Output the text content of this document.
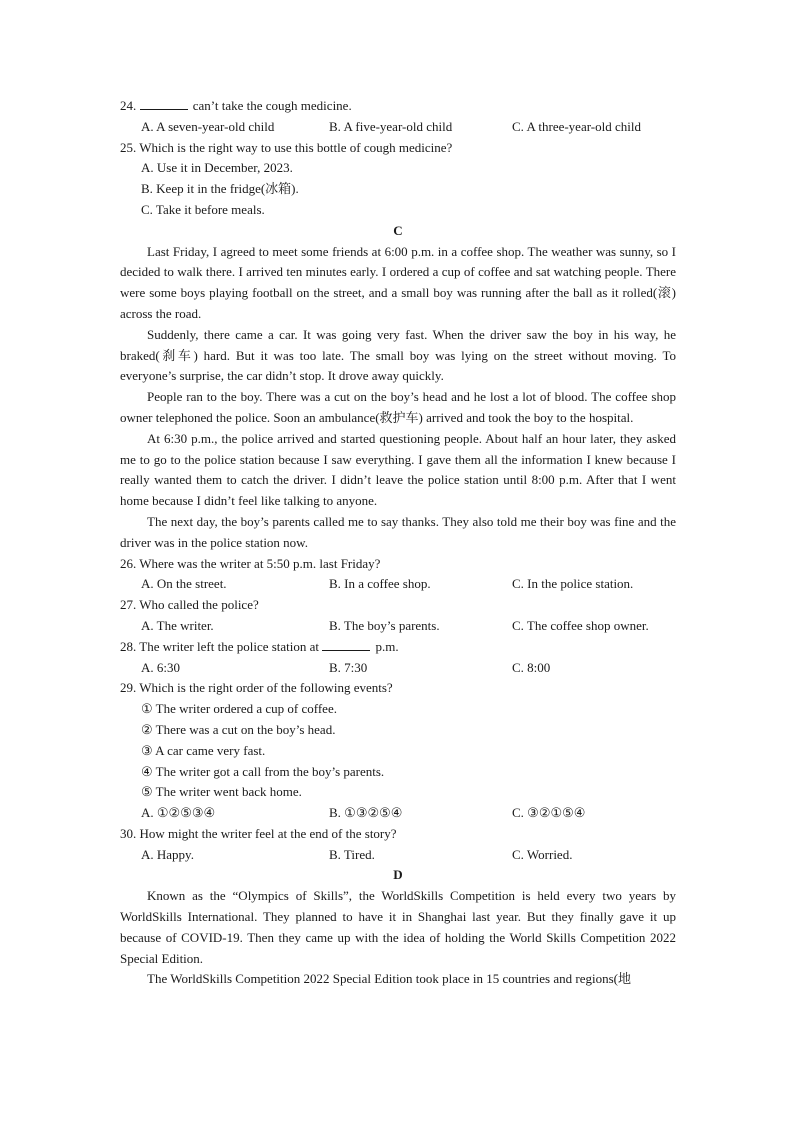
24.	can’t take the cough medicine.
A. A seven-year-old child	B. A five-year-old child	C. A three-year-old child
25. Which is the right way to use this bottle of cough medicine?
A. Use it in December, 2023.
B. Keep it in the fridge(冰箱).
C. Take it before meals.
C
Last Friday, I agreed to meet some friends at 6:00 p.m. in a coffee shop. The weather was sunny, so I decided to walk there. I arrived ten minutes early. I ordered a cup of coffee and sat watching people. There were some boys playing football on the street, and a small boy was running after the ball as it rolled(滚) across the road.
Suddenly, there came a car. It was going very fast. When the driver saw the boy in his way, he braked(刹车) hard. But it was too late. The small boy was lying on the street without moving. To everyone’s surprise, the car didn’t stop. It drove away quickly.
People ran to the boy. There was a cut on the boy’s head and he lost a lot of blood. The coffee shop owner telephoned the police. Soon an ambulance(救护车) arrived and took the boy to the hospital.
At 6:30 p.m., the police arrived and started questioning people. About half an hour later, they asked me to go to the police station because I saw everything. I gave them all the information I knew because I really wanted them to catch the driver. I didn’t leave the police station until 8:00 p.m. After that I went home because I didn’t feel like talking to anyone.
The next day, the boy’s parents called me to say thanks. They also told me their boy was fine and the driver was in the police station now.
26. Where was the writer at 5:50 p.m. last Friday?
A. On the street.	B. In a coffee shop.	C. In the police station.
27. Who called the police?
A. The writer.	B. The boy’s parents.	C. The coffee shop owner.
28. The writer left the police station at	p.m.
A. 6:30	B. 7:30	C. 8:00
29. Which is the right order of the following events?
① The writer ordered a cup of coffee.
② There was a cut on the boy’s head.
③ A car came very fast.
④ The writer got a call from the boy’s parents.
⑤ The writer went back home.
A. ①②⑤③④	B. ①③②⑤④	C. ③②①⑤④
30. How might the writer feel at the end of the story?
A. Happy.	B. Tired.	C. Worried.
D
Known as the “Olympics of Skills”, the WorldSkills Competition is held every two years by WorldSkills International. They planned to have it in Shanghai last year. But they finally gave it up because of COVID-19. Then they came up with the idea of holding the World Skills Competition 2022 Special Edition.
The WorldSkills Competition 2022 Special Edition took place in 15 countries and regions(地
